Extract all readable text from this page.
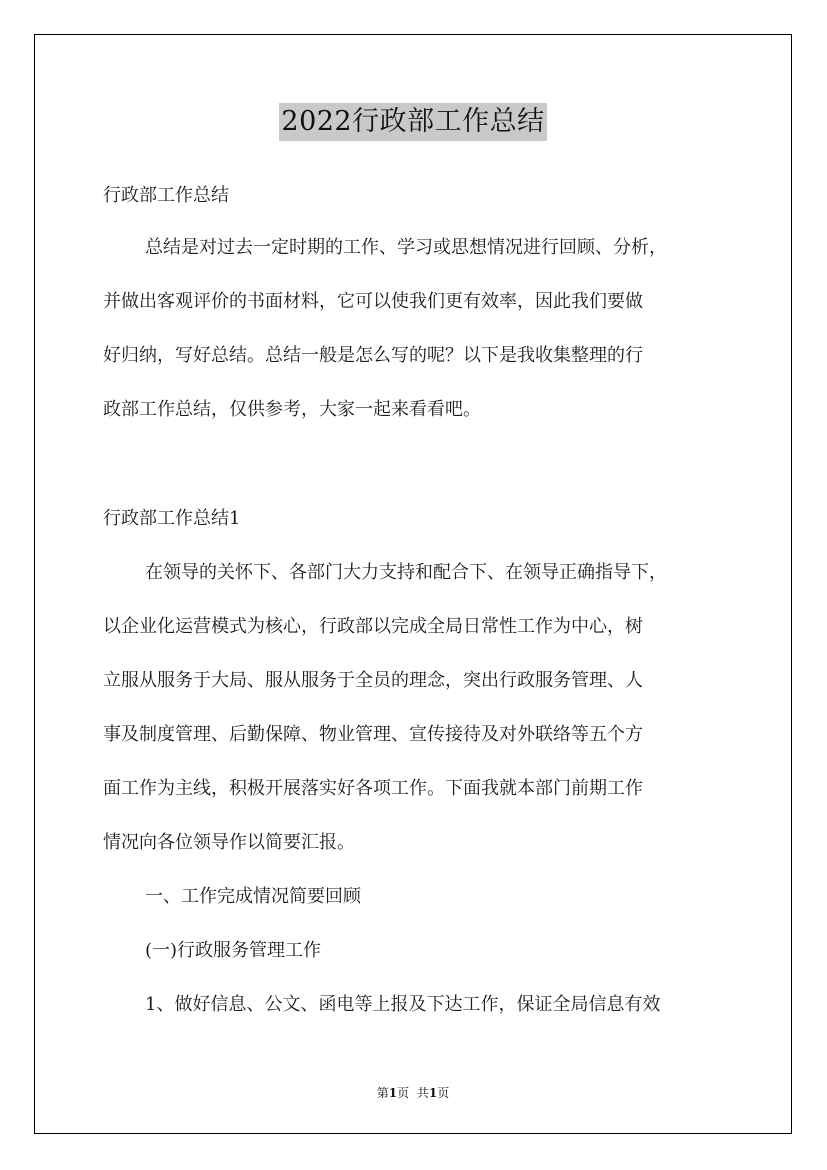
2022行政部工作总结
行政部工作总结
总结是对过去一定时期的工作、学习或思想情况进行回顾、分析，
并做出客观评价的书面材料，它可以使我们更有效率，因此我们要做
好归纳，写好总结。总结一般是怎么写的呢？以下是我收集整理的行
政部工作总结，仅供参考，大家一起来看看吧。
行政部工作总结1
在领导的关怀下、各部门大力支持和配合下、在领导正确指导下，
以企业化运营模式为核心，行政部以完成全局日常性工作为中心，树
立服从服务于大局、服从服务于全员的理念，突出行政服务管理、人
事及制度管理、后勤保障、物业管理、宣传接待及对外联络等五个方
面工作为主线，积极开展落实好各项工作。下面我就本部门前期工作
情况向各位领导作以简要汇报。
一、工作完成情况简要回顾
(一)行政服务管理工作
1、做好信息、公文、函电等上报及下达工作，保证全局信息有效
第1页 共1页
